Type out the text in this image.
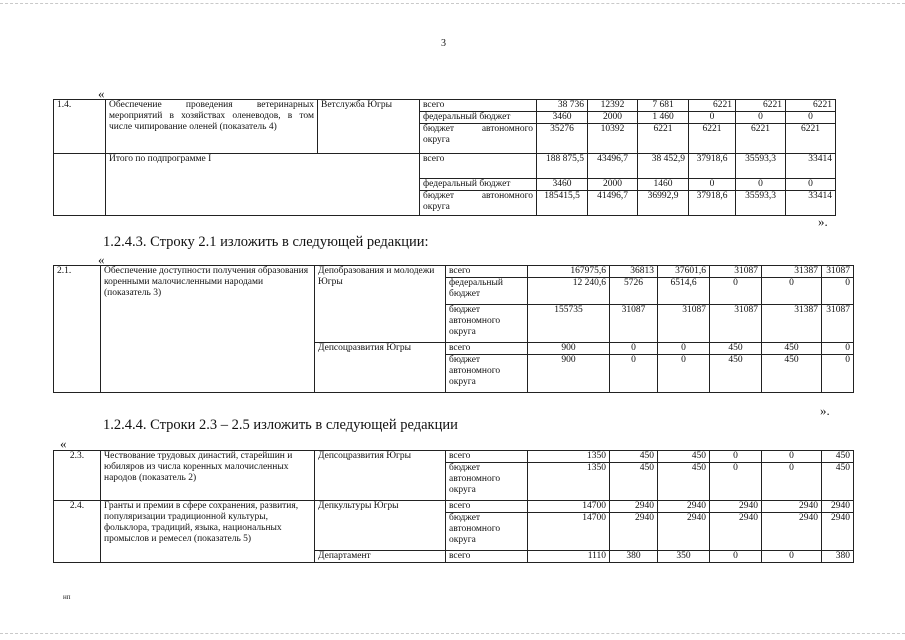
3
«
1.4.	Обеспечение проведения ветеринарных мероприятий в хозяйствах оленеводов, в том числе чипирование оленей (показатель 4)	Ветслужба Югры	всего	38 736	12392	7 681	6221	6221	6221
			федеральный бюджет	3460	2000	1 460	0	0	0
			бюджет автономного округа	35276	10392	6221	6221	6221	6221
	Итого по подпрограмме I		всего	188 875,5	43496,7	38 452,9	37918,6	35593,3	33414
			федеральный бюджет	3460	2000	1460	0	0	0
			бюджет автономного округа	185415,5	41496,7	36992,9	37918,6	35593,3	33414
».
1.2.4.3. Строку 2.1 изложить в следующей редакции:
«
2.1.	Обеспечение доступности получения образования коренными малочисленными народами (показатель 3)	Депобразования и молодежи Югры	всего	167975,6	36813	37601,6	31087	31387	31087
			федеральный бюджет	12 240,6	5726	6514,6	0	0	0
			бюджет автономного округа	155735	31087	31087	31087	31387	31087
		Депсоцразвития Югры	всего	900	0	0	450	450	0
			бюджет автономного округа	900	0	0	450	450	0
».
1.2.4.4. Строки 2.3 – 2.5 изложить в следующей редакции
«
2.3.	Чествование трудовых династий, старейшин и юбиляров из числа коренных малочисленных народов (показатель 2)	Депсоцразвития Югры	всего	1350	450	450	0	0	450
			бюджет автономного округа	1350	450	450	0	0	450
2.4.	Гранты и премии в сфере сохранения, развития, популяризации традиционной культуры, фольклора, традиций, языка, национальных промыслов и ремесел (показатель 5)	Депкультуры Югры	всего	14700	2940	2940	2940	2940	2940
			бюджет автономного округа	14700	2940	2940	2940	2940	2940
		Департамент	всего	1110	380	350	0	0	380
нп
